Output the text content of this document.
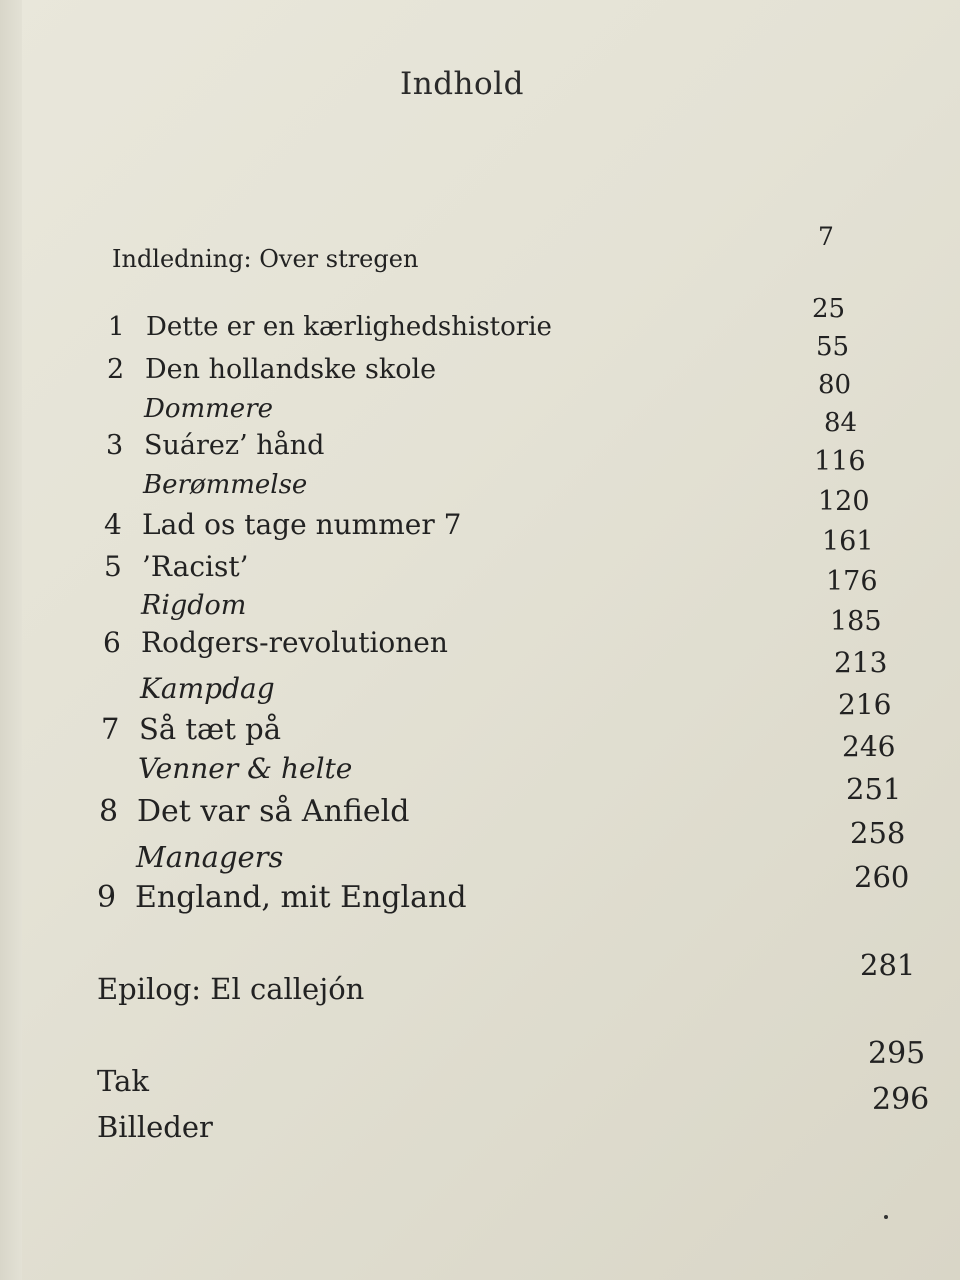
Indhold
Indledning: Over stregen
7
1 Dette er en kærlighedshistorie
2 Den hollandske skole
Dommere
3 Suárez’ hånd
Berømmelse
4 Lad os tage nummer 7
5 ’Racist’
Rigdom
6 Rodgers-revolutionen
Kampdag
7 Så tæt på
Venner & helte
8 Det var så Anfield
Managers
9 England, mit England
25
55
80
84
116
120
161
176
185
213
216
246
251
258
260
Epilog: El callejón
281
Tak
295
Billeder
296
